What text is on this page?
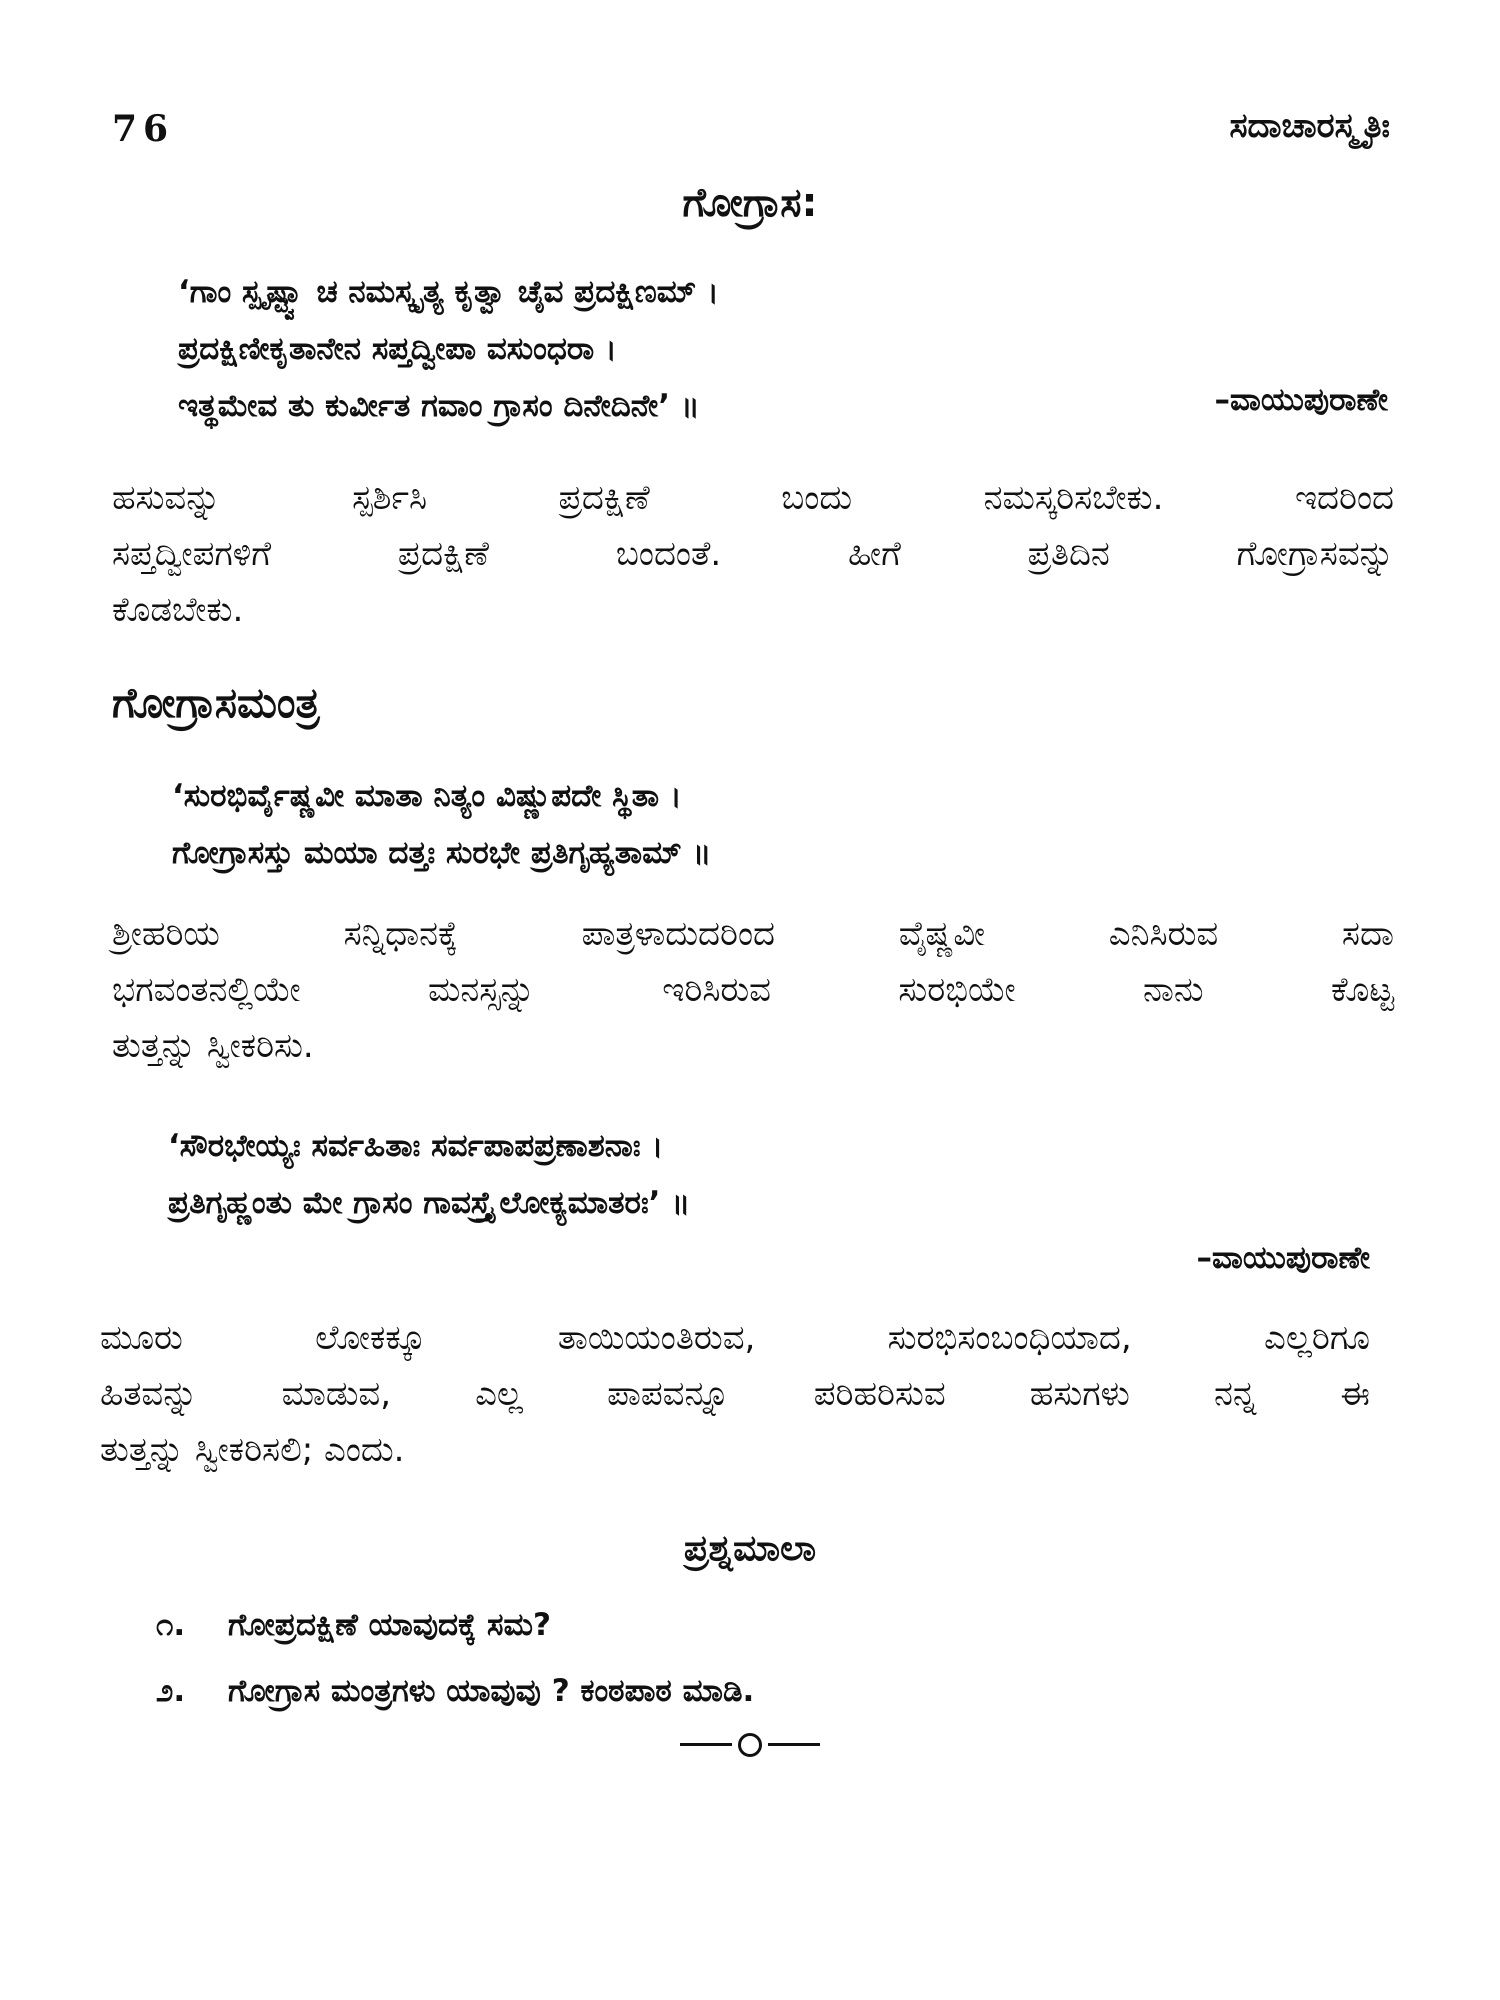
76	ಸದಾಚಾರಸ್ಮೃತಿಃ
ಗೋಗ್ರಾಸ:
‘ಗಾಂ ಸ್ಪೃಷ್ಟ್ವಾ ಚ ನಮಸ್ಕೃತ್ಯ ಕೃತ್ವಾ ಚೈವ ಪ್ರದಕ್ಷಿಣಮ್ ।
ಪ್ರದಕ್ಷಿಣೀಕೃತಾನೇನ ಸಪ್ತದ್ವೀಪಾ ವಸುಂಧರಾ ।
ಇತ್ಥಮೇವ ತು ಕುರ್ವೀತ ಗವಾಂ ಗ್ರಾಸಂ ದಿನೇದಿನೇ’ ॥	–ವಾಯುಪುರಾಣೇ
ಹಸುವನ್ನು	ಸ್ಪರ್ಶಿಸಿ	ಪ್ರದಕ್ಷಿಣೆ	ಬಂದು	ನಮಸ್ಕರಿಸಬೇಕು.	ಇದರಿಂದ
ಸಪ್ತದ್ವೀಪಗಳಿಗೆ	ಪ್ರದಕ್ಷಿಣೆ	ಬಂದಂತೆ.	ಹೀಗೆ	ಪ್ರತಿದಿನ	ಗೋಗ್ರಾಸವನ್ನು
ಕೊಡಬೇಕು.
ಗೋಗ್ರಾಸಮಂತ್ರ
‘ಸುರಭಿರ್ವೈಷ್ಣವೀ ಮಾತಾ ನಿತ್ಯಂ ವಿಷ್ಣುಪದೇ ಸ್ಥಿತಾ ।
ಗೋಗ್ರಾಸಸ್ತು ಮಯಾ ದತ್ತಃ ಸುರಭೇ ಪ್ರತಿಗೃಹ್ಯತಾಮ್ ॥
ಶ್ರೀಹರಿಯ	ಸನ್ನಿಧಾನಕ್ಕೆ	ಪಾತ್ರಳಾದುದರಿಂದ	ವೈಷ್ಣವೀ	ಎನಿಸಿರುವ	ಸದಾ
ಭಗವಂತನಲ್ಲಿಯೇ	ಮನಸ್ಸನ್ನು	ಇರಿಸಿರುವ	ಸುರಭಿಯೇ	ನಾನು	ಕೊಟ್ಟ
ತುತ್ತನ್ನು ಸ್ವೀಕರಿಸು.
‘ಸೌರಭೇಯ್ಯಃ ಸರ್ವಹಿತಾಃ ಸರ್ವಪಾಪಪ್ರಣಾಶನಾಃ ।
ಪ್ರತಿಗೃಹ್ಣಂತು ಮೇ ಗ್ರಾಸಂ ಗಾವಸ್ತ್ರೈಲೋಕ್ಯಮಾತರಃ’ ॥
–ವಾಯುಪುರಾಣೇ
ಮೂರು	ಲೋಕಕ್ಕೂ	ತಾಯಿಯಂತಿರುವ,	ಸುರಭಿಸಂಬಂಧಿಯಾದ,	ಎಲ್ಲರಿಗೂ
ಹಿತವನ್ನು ಮಾಡುವ, ಎಲ್ಲ ಪಾಪವನ್ನೂ ಪರಿಹರಿಸುವ ಹಸುಗಳು ನನ್ನ ಈ
ತುತ್ತನ್ನು ಸ್ವೀಕರಿಸಲಿ; ಎಂದು.
ಪ್ರಶ್ನಮಾಲಾ
೧. ಗೋಪ್ರದಕ್ಷಿಣೆ ಯಾವುದಕ್ಕೆ ಸಮ?
೨. ಗೋಗ್ರಾಸ ಮಂತ್ರಗಳು ಯಾವುವು ? ಕಂಠಪಾಠ ಮಾಡಿ.
